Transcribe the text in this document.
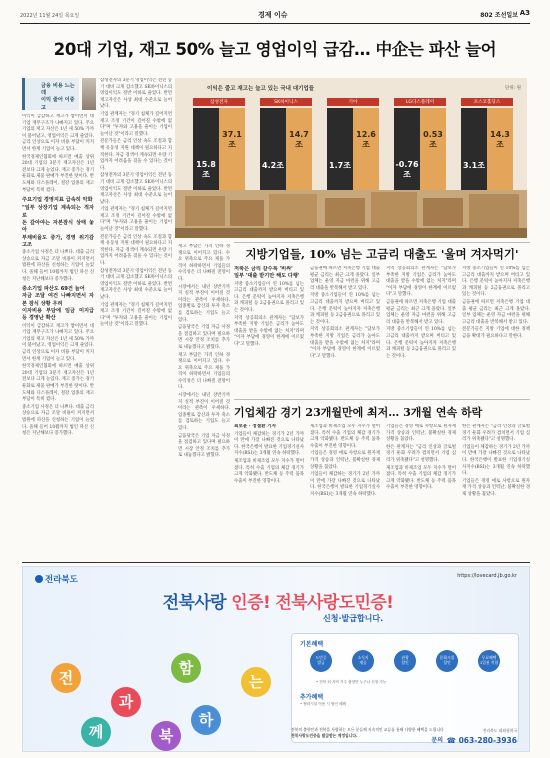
2022년 11월 24일 목요일	경제 이슈	802 조선일보 A3
20대 기업, 재고 50% 늘고 영업이익 급감… 中企는 파산 늘어
금융 비용 느는데
이익 줄어 이중고

이익이 급감하고 재고가 쌓이면서 대기업 재무구조가 나빠지고 있다. 주요 기업의 재고 자산은 1년 새 50% 가까이 불어났고, 영업이익은 크게 줄었다. 금리 인상으로 이자 비용 부담이 커지면서 한계 기업이 늘고 있다.

한국경제인협회에 따르면 매출 상위 20대 기업의 3분기 재고자산은 1년 전보다 크게 늘었다. 재고 증가는 경기 둔화로 제품 판매가 부진한 탓이다. 반도체와 디스플레이, 철강 업종의 재고 부담이 특히 컸다.

주요기업 경영지표 급속히 악화

"일부 상장기업 계속되는 적자로
돈 갚아야는 자본잠식 상태 놓아
부채비율도 증가, 경영 위기감 고조

중소기업 사정은 더 나쁘다. 대출 금리 상승으로 자금 조달 비용이 커지면서 법원에 파산을 신청하는 기업이 늘었다. 올해 들어 10월까지 법인 파산 신청은 지난해보다 증가했다.

중소기업 파산도 69건 늘어
자금 조달 여건 나빠지면서 자본 잠식 상황 우려
이자비용 부담에 임금 미지급 등 경영난 확산

이익이 급감하고 재고가 쌓이면서 대기업 재무구조가 나빠지고 있다. 주요 기업의 재고 자산은 1년 새 50% 가까이 불어났고, 영업이익은 크게 줄었다. 금리 인상으로 이자 비용 부담이 커지면서 한계 기업이 늘고 있다.

한국경제인협회에 따르면 매출 상위 20대 기업의 3분기 재고자산은 1년 전보다 크게 늘었다. 재고 증가는 경기 둔화로 제품 판매가 부진한 탓이다. 반도체와 디스플레이, 철강 업종의 재고 부담이 특히 컸다.

중소기업 사정은 더 나쁘다. 대출 금리 상승으로 자금 조달 비용이 커지면서 법원에 파산을 신청하는 기업이 늘었다. 올해 들어 10월까지 법인 파산 신청은 지난해보다 증가했다.

삼성전자의 3분기 영업이익은 전년 동기 대비 크게 감소했고 SK하이닉스의 영업이익도 절반 이하로 줄었다. 반면 재고자산은 사상 최대 수준으로 늘어났다.

기업 관계자는 "경기 침체가 길어지면 재고 조정 기간이 길어질 수밖에 없다"며 "투자와 고용을 줄이는 기업이 늘어날 것"이라고 말했다.

전문가들은 금리 인상 속도 조절과 함께 유동성 지원 대책이 필요하다고 지적한다. 자금 경색이 계속되면 우량 기업까지 어려움을 겪을 수 있다는 것이다.

삼성전자의 3분기 영업이익은 전년 동기 대비 크게 감소했고 SK하이닉스의 영업이익도 절반 이하로 줄었다. 반면 재고자산은 사상 최대 수준으로 늘어났다.

기업 관계자는 "경기 침체가 길어지면 재고 조정 기간이 길어질 수밖에 없다"며 "투자와 고용을 줄이는 기업이 늘어날 것"이라고 말했다.

전문가들은 금리 인상 속도 조절과 함께 유동성 지원 대책이 필요하다고 지적한다. 자금 경색이 계속되면 우량 기업까지 어려움을 겪을 수 있다는 것이다.

삼성전자의 3분기 영업이익은 전년 동기 대비 크게 감소했고 SK하이닉스의 영업이익도 절반 이하로 줄었다. 반면 재고자산은 사상 최대 수준으로 늘어났다.

기업 관계자는 "경기 침체가 길어지면 재고 조정 기간이 길어질 수밖에 없다"며 "투자와 고용을 줄이는 기업이 늘어날 것"이라고 말했다.

재고 부담은 가격 인하 경쟁으로 이어지고 있다. 수요 위축으로 주요 제품 가격이 하락하면서 기업들의 수익성은 더 나빠질 전망이다.

시장에서는 내년 상반기까지 실적 부진이 이어질 것이라는 관측이 우세하다. 업종별로 감산과 투자 축소를 검토하는 기업도 늘고 있다.

금융당국은 기업 자금 사정을 점검하고 있다며 필요하면 시장 안정 조치를 추가로 내놓겠다고 밝혔다.

재고 부담은 가격 인하 경쟁으로 이어지고 있다. 수요 위축으로 주요 제품 가격이 하락하면서 기업들의 수익성은 더 나빠질 전망이다.

시장에서는 내년 상반기까지 실적 부진이 이어질 것이라는 관측이 우세하다. 업종별로 감산과 투자 축소를 검토하는 기업도 늘고 있다.

금융당국은 기업 자금 사정을 점검하고 있다며 필요하면 시장 안정 조치를 추가로 내놓겠다고 밝혔다.

이익은 줄고 재고는 늘고 있는 국내 대기업들	단위: 원
삼성전자
15.8조
37.1조
SK하이닉스
4.2조
14.7조
기아
1.7조
12.6조
LG디스플레이
-0.76조
0.53조
포스코홀딩스
3.1조
14.3조
지방기업들, 10% 넘는 고금리 대출도 '울며 겨자먹기'

저축은 금리 갈수록 '비싸'
일부 '대출 받기만 해도 다행'

지방 중소기업들이 연 10%를 넘는 고금리 대출까지 받으며 버티고 있다. 은행 문턱이 높아지자 저축은행과 캐피털 등 2금융권으로 몰리고 있는 것이다.

지역 상공회의소 관계자는 "담보가 부족한 지방 기업은 금리가 높아도 대출을 받을 수밖에 없는 처지"라며 "이자 부담에 경영이 한계에 이르렀다"고 말했다.

금융권에 따르면 저축은행 기업 대출 평균 금리는 최근 크게 올랐다. 일부 업체는 운영 자금 마련을 위해 고금리 대출을 반복해서 받고 있다.

지방 중소기업들이 연 10%를 넘는 고금리 대출까지 받으며 버티고 있다. 은행 문턱이 높아지자 저축은행과 캐피털 등 2금융권으로 몰리고 있는 것이다.

지역 상공회의소 관계자는 "담보가 부족한 지방 기업은 금리가 높아도 대출을 받을 수밖에 없는 처지"라며 "이자 부담에 경영이 한계에 이르렀다"고 말했다.

지역 상공회의소 관계자는 "담보가 부족한 지방 기업은 금리가 높아도 대출을 받을 수밖에 없는 처지"라며 "이자 부담에 경영이 한계에 이르렀다"고 말했다.

금융권에 따르면 저축은행 기업 대출 평균 금리는 최근 크게 올랐다. 일부 업체는 운영 자금 마련을 위해 고금리 대출을 반복해서 받고 있다.

지방 중소기업들이 연 10%를 넘는 고금리 대출까지 받으며 버티고 있다. 은행 문턱이 높아지자 저축은행과 캐피털 등 2금융권으로 몰리고 있는 것이다.

지방 중소기업들이 연 10%를 넘는 고금리 대출까지 받으며 버티고 있다. 은행 문턱이 높아지자 저축은행과 캐피털 등 2금융권으로 몰리고 있는 것이다.

금융권에 따르면 저축은행 기업 대출 평균 금리는 최근 크게 올랐다. 일부 업체는 운영 자금 마련을 위해 고금리 대출을 반복해서 받고 있다.

전문가들은 지방 기업에 대한 정책 금융 확대가 필요하다고 말한다.

기업체감 경기 23개월만에 최저… 3개월 연속 하락

최보윤 · 정철환 기자

기업들이 체감하는 경기가 2년 가까이 만에 가장 나빠진 것으로 나타났다. 한국은행이 발표한 기업경기실사지수(BSI)는 3개월 연속 하락했다.

제조업과 비제조업 모두 지수가 떨어졌다. 특히 수출 기업의 체감 경기가 크게 악화됐다. 반도체 등 주력 품목 수출이 부진한 영향이다.

제조업과 비제조업 모두 지수가 떨어졌다. 특히 수출 기업의 체감 경기가 크게 악화됐다. 반도체 등 주력 품목 수출이 부진한 영향이다.

기업들은 경영 애로 사항으로 원자재 가격 상승과 인력난, 불확실한 경제 상황을 꼽았다.

기업들이 체감하는 경기가 2년 가까이 만에 가장 나빠진 것으로 나타났다. 한국은행이 발표한 기업경기실사지수(BSI)는 3개월 연속 하락했다.

기업들은 경영 애로 사항으로 원자재 가격 상승과 인력난, 불확실한 경제 상황을 꼽았다.

한은 관계자는 "금리 인상과 글로벌 경기 둔화 우려가 겹치면서 기업 심리가 위축됐다"고 설명했다.

제조업과 비제조업 모두 지수가 떨어졌다. 특히 수출 기업의 체감 경기가 크게 악화됐다. 반도체 등 주력 품목 수출이 부진한 영향이다.

한은 관계자는 "금리 인상과 글로벌 경기 둔화 우려가 겹치면서 기업 심리가 위축됐다"고 설명했다.

기업들이 체감하는 경기가 2년 가까이 만에 가장 나빠진 것으로 나타났다. 한국은행이 발표한 기업경기실사지수(BSI)는 3개월 연속 하락했다.

기업들은 경영 애로 사항으로 원자재 가격 상승과 인력난, 불확실한 경제 상황을 꼽았다.

전라북도	https://lovecard.jb.go.kr
전북사랑 인증! 전북사랑도민증!
신청·발급합니다.
전
과
함
하
는
북
께
기본혜택
도민증
발급
소식지
제공
관광
할인
문화시설
할인
무료혜택
1일권 적립
• 전북 외 지역 거주 출향민 누구나 신청 가능
추가혜택
• 협력시설 이용 시 할인 혜택
전북의 출향인과 전북을 사랑하는 모든 분들께 지속적인 교류를 통해 다양한 혜택을 드립니다
전북사랑도민증을 발급받는 계정입니다.
전라북도 대외협력국
문의 ☎ 063-280-3936
